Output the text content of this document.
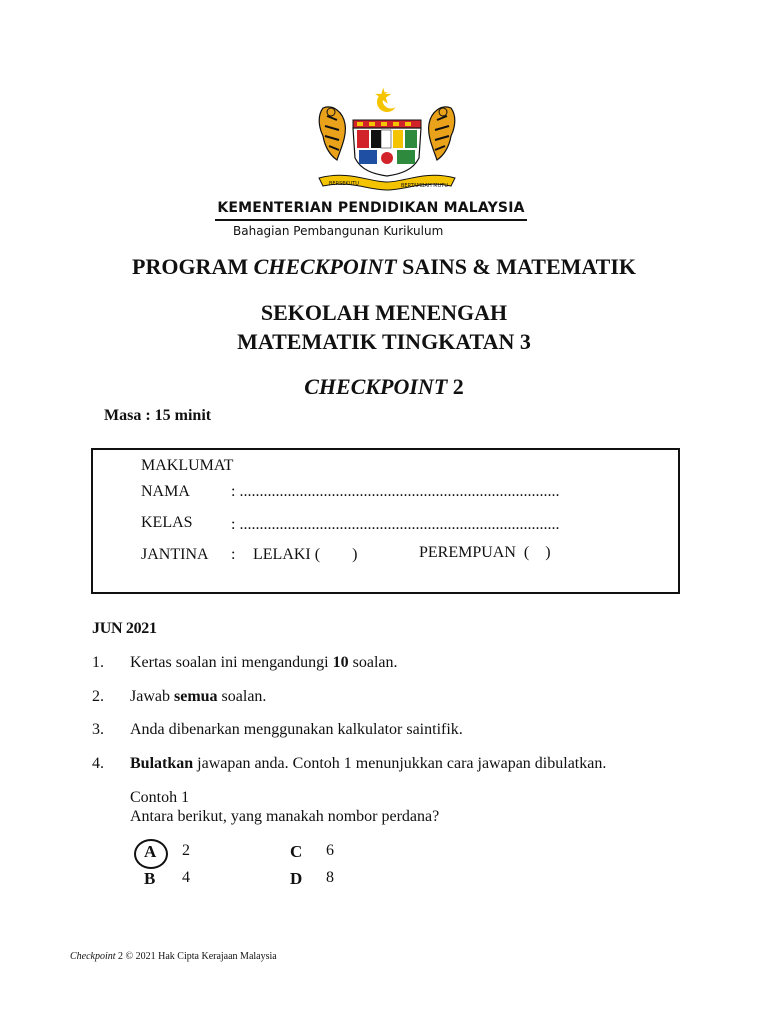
BERSEKUTU	BERTAMBAH MUTU
KEMENTERIAN PENDIDIKAN MALAYSIA
Bahagian Pembangunan Kurikulum
PROGRAM CHECKPOINT SAINS & MATEMATIK
SEKOLAH MENENGAH
MATEMATIK TINGKATAN 3
CHECKPOINT 2
Masa : 15 minit
MAKLUMAT
NAMA	: ................................................................................
KELAS : ................................................................................
JANTINA : LELAKI (        )	PEREMPUAN  (    )
JUN 2021
1.	Kertas soalan ini mengandungi 10 soalan.
2.	Jawab semua soalan.
3.	Anda dibenarkan menggunakan kalkulator saintifik.
4.	Bulatkan jawapan anda. Contoh 1 menunjukkan cara jawapan dibulatkan.
Contoh 1
Antara berikut, yang manakah nombor perdana?
A 2
B 4
C 6
D 8
Checkpoint 2 © 2021 Hak Cipta Kerajaan Malaysia
